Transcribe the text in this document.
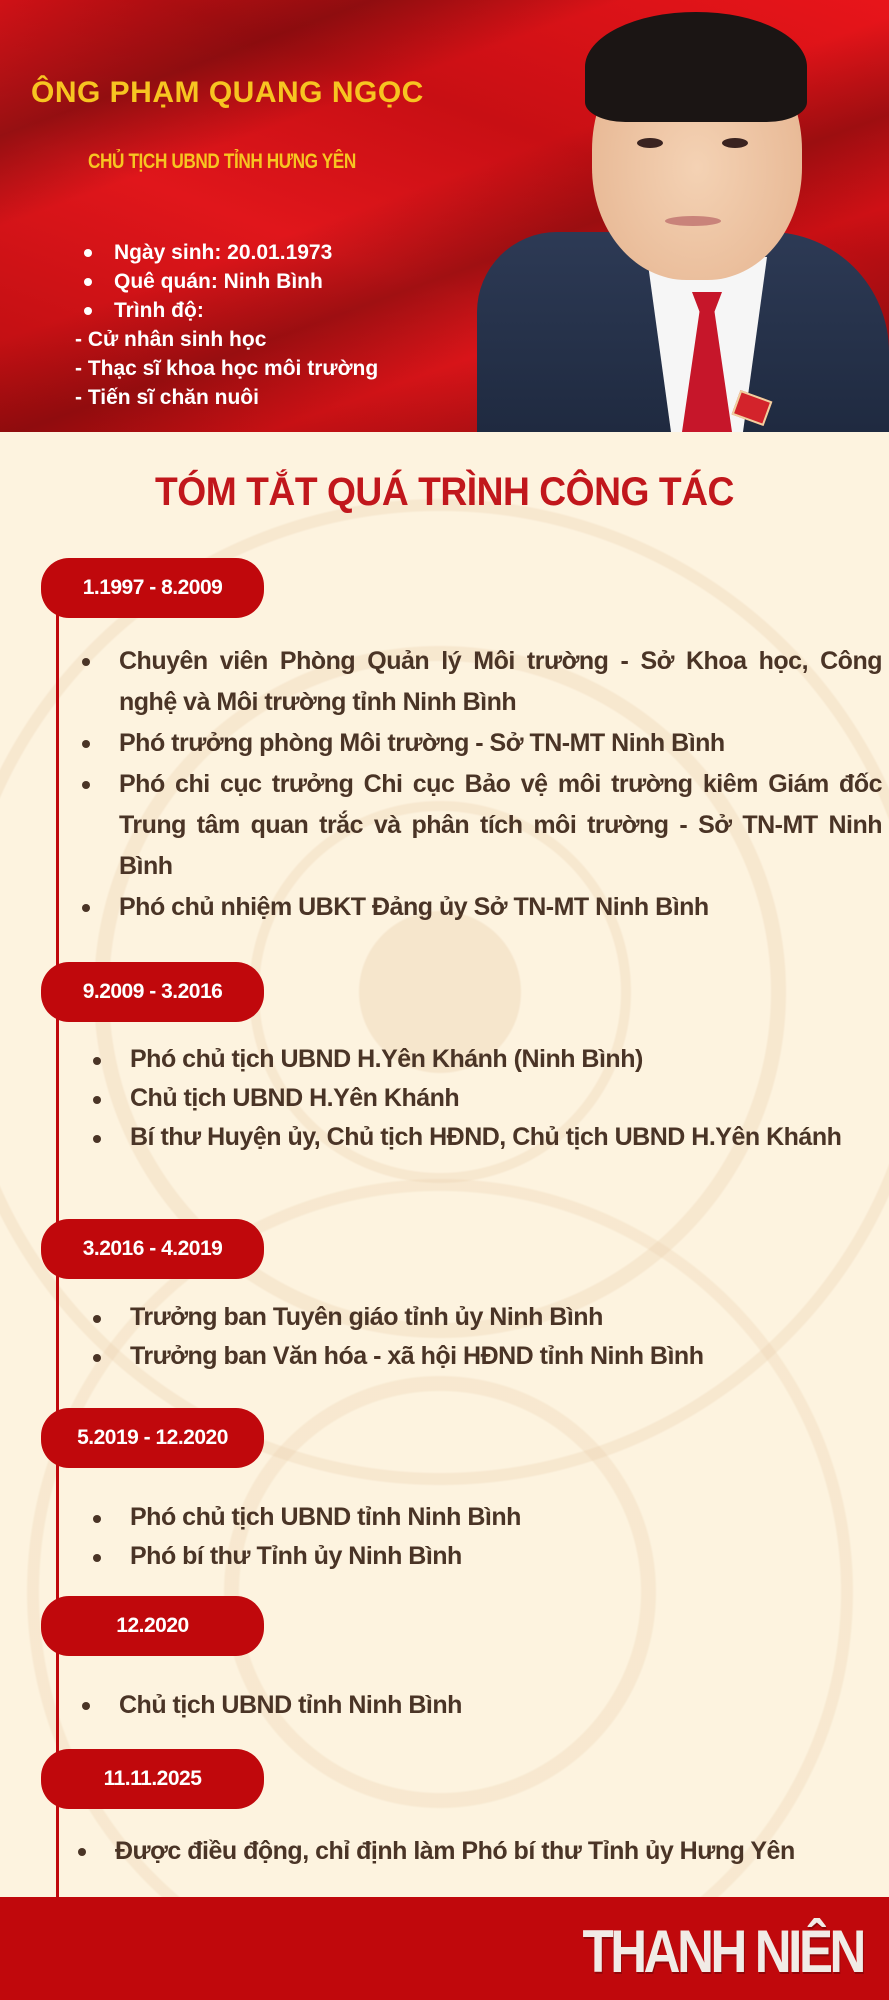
ÔNG PHẠM QUANG NGỌC
CHỦ TỊCH UBND TỈNH HƯNG YÊN
Ngày sinh: 20.01.1973
Quê quán: Ninh Bình
Trình độ:
- Cử nhân sinh học
- Thạc sĩ khoa học môi trường
- Tiến sĩ chăn nuôi
TÓM TẮT QUÁ TRÌNH CÔNG TÁC
1.1997 - 8.2009
Chuyên viên Phòng Quản lý Môi trường - Sở Khoa học, Công nghệ và Môi trường tỉnh Ninh Bình
Phó trưởng phòng Môi trường - Sở TN-MT Ninh Bình
Phó chi cục trưởng Chi cục Bảo vệ môi trường kiêm Giám đốc Trung tâm quan trắc và phân tích môi trường - Sở TN-MT Ninh Bình
Phó chủ nhiệm UBKT Đảng ủy Sở TN-MT Ninh Bình
9.2009 - 3.2016
Phó chủ tịch UBND H.Yên Khánh (Ninh Bình)
Chủ tịch UBND H.Yên Khánh
Bí thư Huyện ủy, Chủ tịch HĐND, Chủ tịch UBND H.Yên Khánh
3.2016 - 4.2019
Trưởng ban Tuyên giáo tỉnh ủy Ninh Bình
Trưởng ban Văn hóa - xã hội HĐND tỉnh Ninh Bình
5.2019 - 12.2020
Phó chủ tịch UBND tỉnh Ninh Bình
Phó bí thư Tỉnh ủy Ninh Bình
12.2020
Chủ tịch UBND tỉnh Ninh Bình
11.11.2025
Được điều động, chỉ định làm Phó bí thư Tỉnh ủy Hưng Yên
THANH NIÊN
